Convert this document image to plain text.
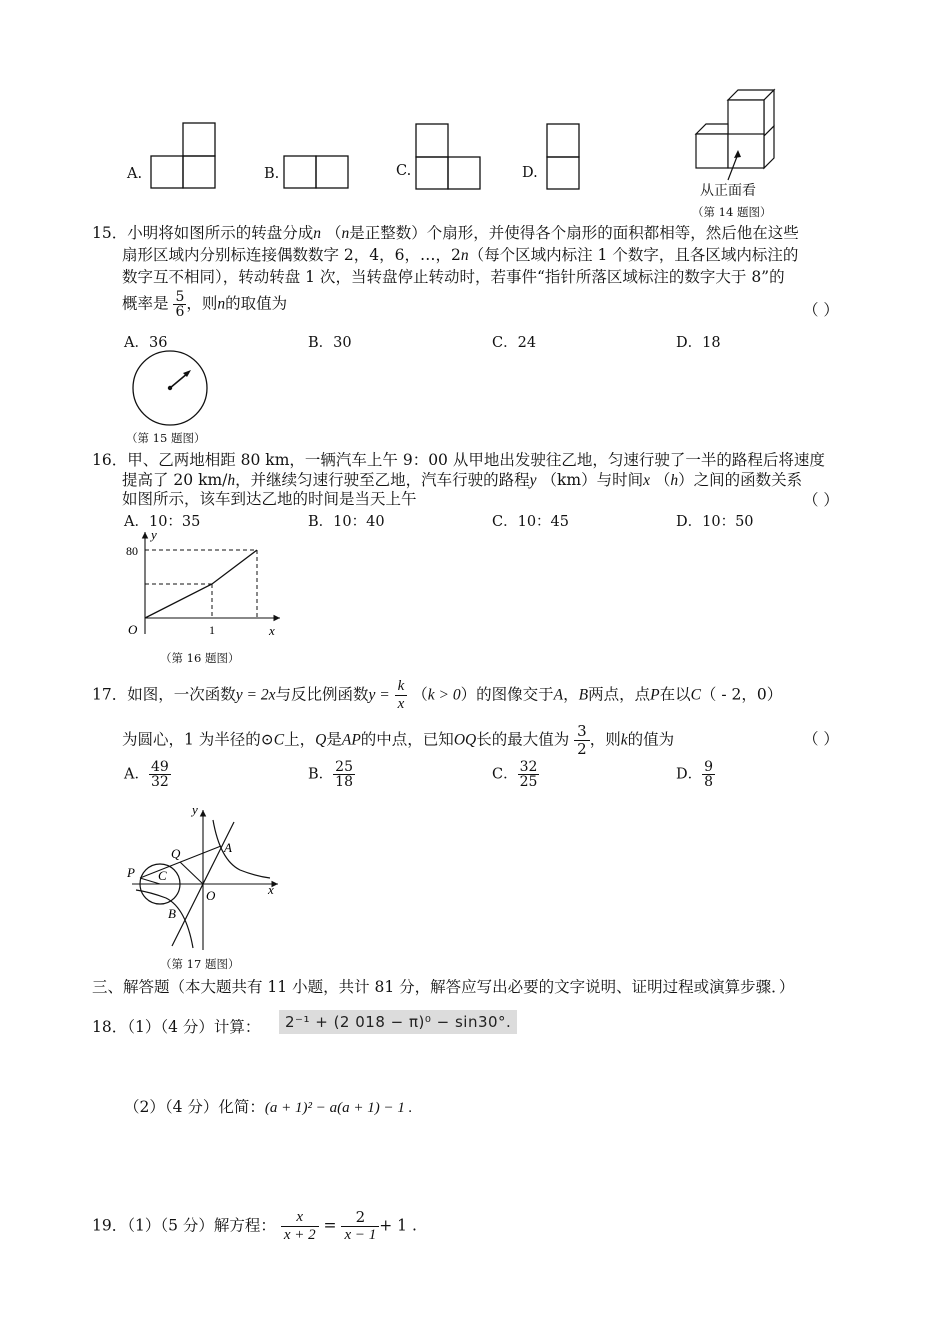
A.	B.	C.	D.
从正面看
（第 14 题图）
15．小明将如图所示的转盘分成n （n是正整数）个扇形，并使得各个扇形的面积都相等，然后他在这些
扇形区域内分别标连接偶数数字 2，4，6，…，2n（每个区域内标注 1 个数字，且各区域内标注的
数字互不相同），转动转盘 1 次，当转盘停止转动时，若事件“指针所落区域标注的数字大于 8”的
概率是 $\frac{5}{6}$ ，则n的取值为	（ ）
A．36	B．30	C．24	D．18
（第 15 题图）
16．甲、乙两地相距 80 km，一辆汽车上午 9：00 从甲地出发驶往乙地，匀速行驶了一半的路程后将速度
提高了 20 km/h，并继续匀速行驶至乙地，汽车行驶的路程y （km）与时间x （h）之间的函数关系
如图所示，该车到达乙地的时间是当天上午	（ ）
A．10：35	B．10：40	C．10：45	D．10：50
y
x
O
80
1
（第 16 题图）
17．如图，一次函数y = 2x与反比例函数$y = \frac{k}{x} (k > 0)$的图像交于A，B两点，点P在以C（ - 2，0）
为圆心，1 为半径的⊙C上，Q是AP的中点，已知OQ长的最大值为 $\frac{3}{2}$ ，则k的值为	（ ）
A． $\frac{49}{32}$	B． $\frac{25}{18}$	C． $\frac{32}{25}$	D． $\frac{9}{8}$
y
x
O
A
B
C
P
Q
（第 17 题图）
三、解答题（本大题共有 11 小题，共计 81 分，解答应写出必要的文字说明、证明过程或演算步骤．）
18．（1）（4 分）计算：	2⁻¹ + (2 018 − π)⁰ − sin30°.
（2）（4 分）化简：(a + 1)² − a(a + 1) − 1 .
19．（1）（5 分）解方程： $\frac{x}{x + 2} = \frac{2}{x - 1} + 1$ .
